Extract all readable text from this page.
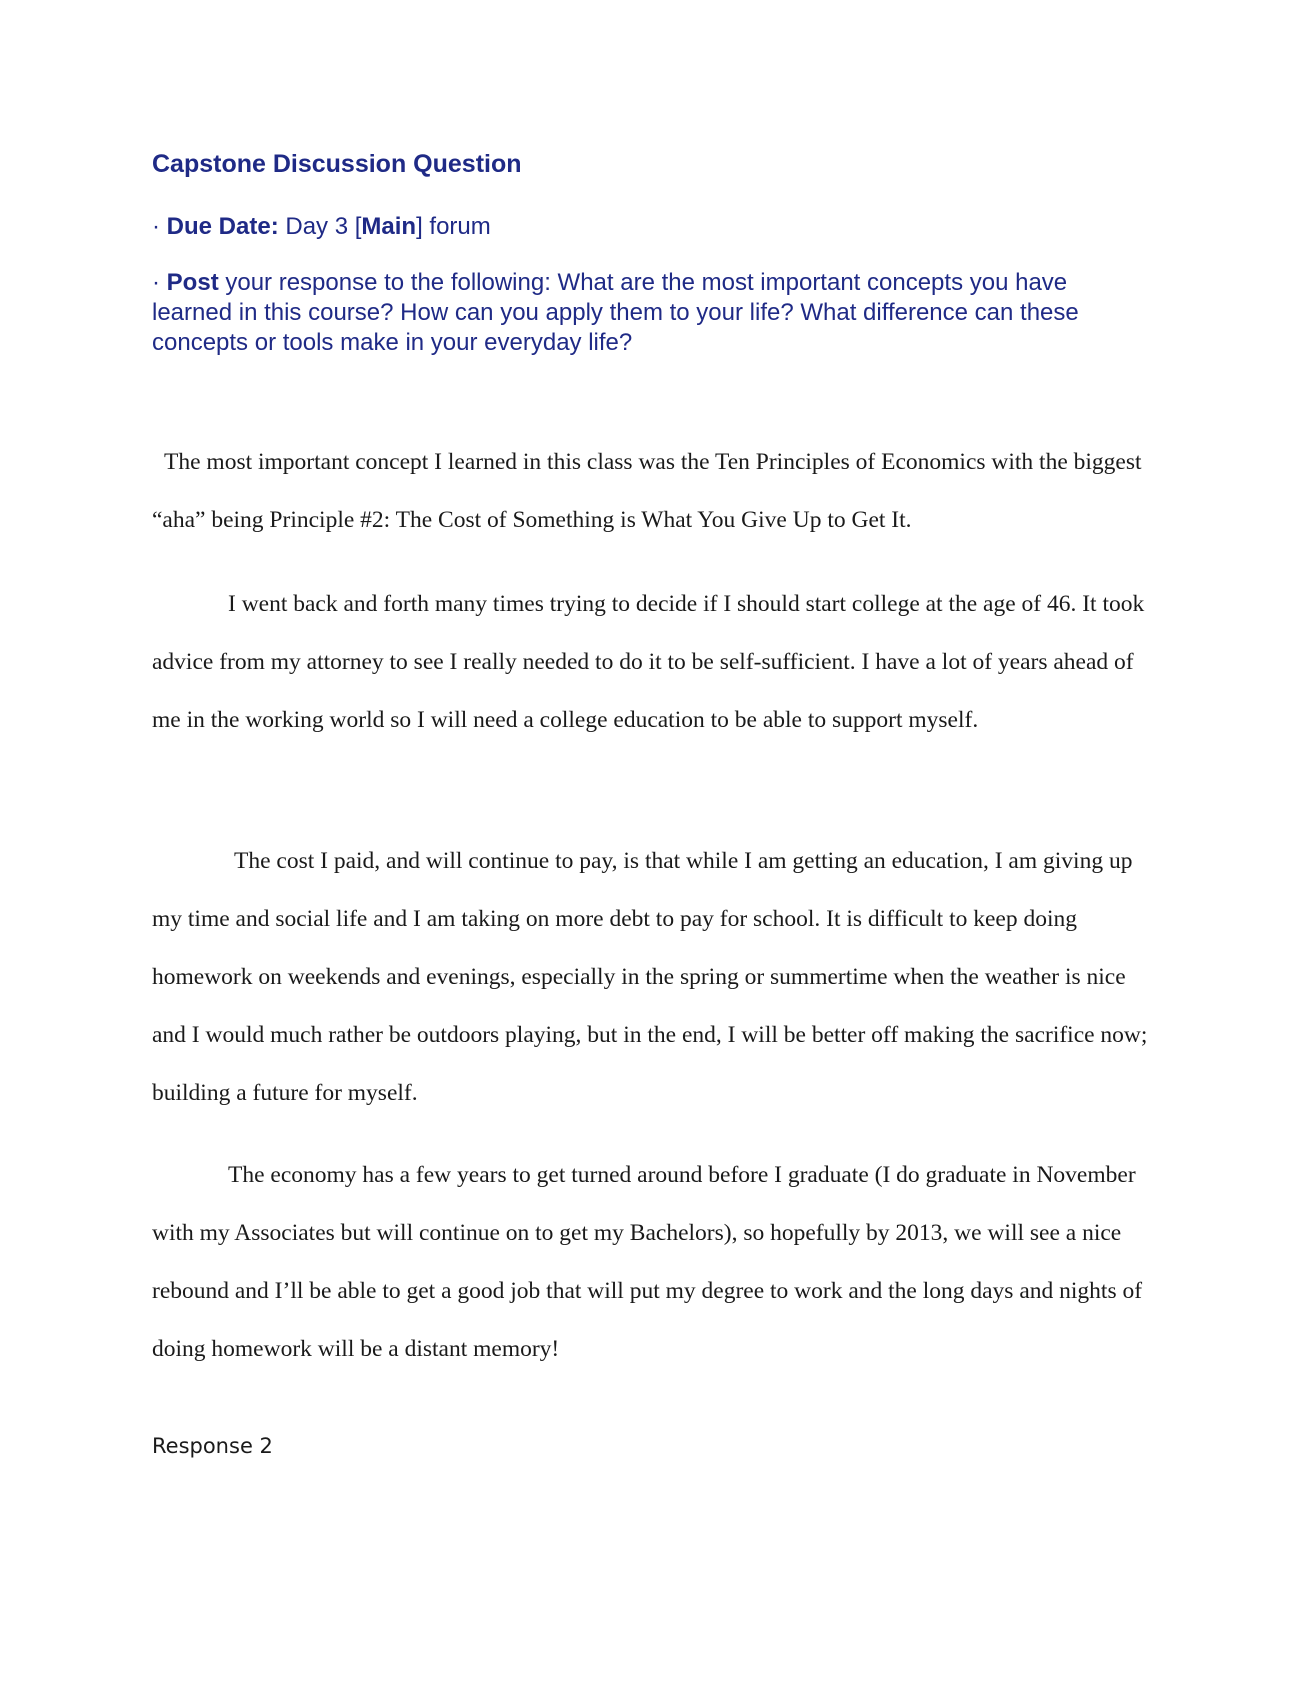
Capstone Discussion Question

· Due Date: Day 3 [Main] forum

· Post your response to the following: What are the most important concepts you have learned in this course? How can you apply them to your life? What difference can these concepts or tools make in your everyday life?

The most important concept I learned in this class was the Ten Principles of Economics with the biggest “aha” being Principle #2: The Cost of Something is What You Give Up to Get It.

I went back and forth many times trying to decide if I should start college at the age of 46. It took advice from my attorney to see I really needed to do it to be self-sufficient. I have a lot of years ahead of me in the working world so I will need a college education to be able to support myself.

The cost I paid, and will continue to pay, is that while I am getting an education, I am giving up my time and social life and I am taking on more debt to pay for school. It is difficult to keep doing homework on weekends and evenings, especially in the spring or summertime when the weather is nice and I would much rather be outdoors playing, but in the end, I will be better off making the sacrifice now; building a future for myself.

The economy has a few years to get turned around before I graduate (I do graduate in November with my Associates but will continue on to get my Bachelors), so hopefully by 2013, we will see a nice rebound and I’ll be able to get a good job that will put my degree to work and the long days and nights of doing homework will be a distant memory!

Response 2
